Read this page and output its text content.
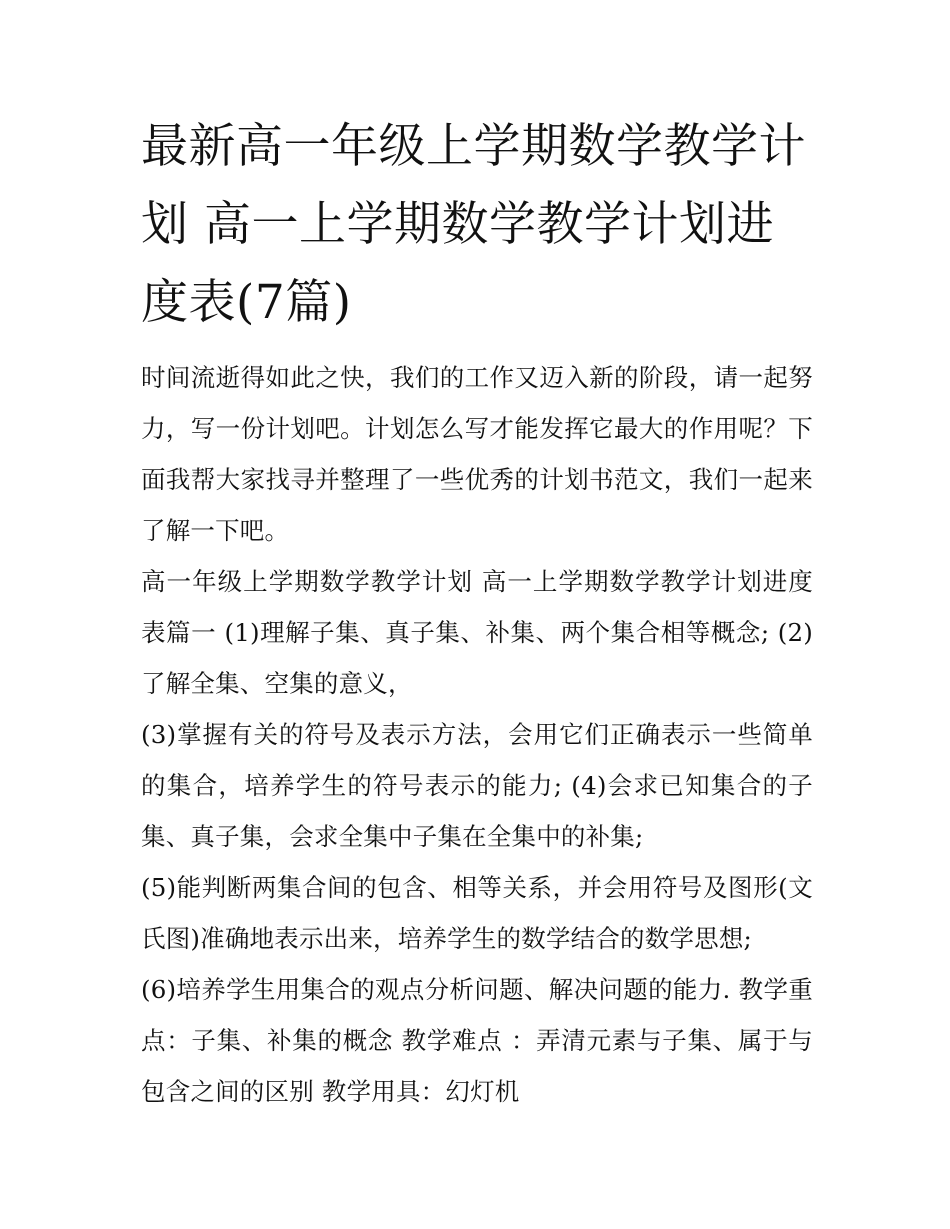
最新高一年级上学期数学教学计划 高一上学期数学教学计划进度表(7篇)

时间流逝得如此之快，我们的工作又迈入新的阶段，请一起努力，写一份计划吧。计划怎么写才能发挥它最大的作用呢？下面我帮大家找寻并整理了一些优秀的计划书范文，我们一起来了解一下吧。

高一年级上学期数学教学计划 高一上学期数学教学计划进度表篇一 (1)理解子集、真子集、补集、两个集合相等概念; (2)了解全集、空集的意义，

(3)掌握有关的符号及表示方法，会用它们正确表示一些简单的集合，培养学生的符号表示的能力; (4)会求已知集合的子集、真子集，会求全集中子集在全集中的补集;

(5)能判断两集合间的包含、相等关系，并会用符号及图形(文氏图)准确地表示出来，培养学生的数学结合的数学思想;

(6)培养学生用集合的观点分析问题、解决问题的能力. 教学重点：子集、补集的概念 教学难点 ：弄清元素与子集、属于与包含之间的区别 教学用具：幻灯机
